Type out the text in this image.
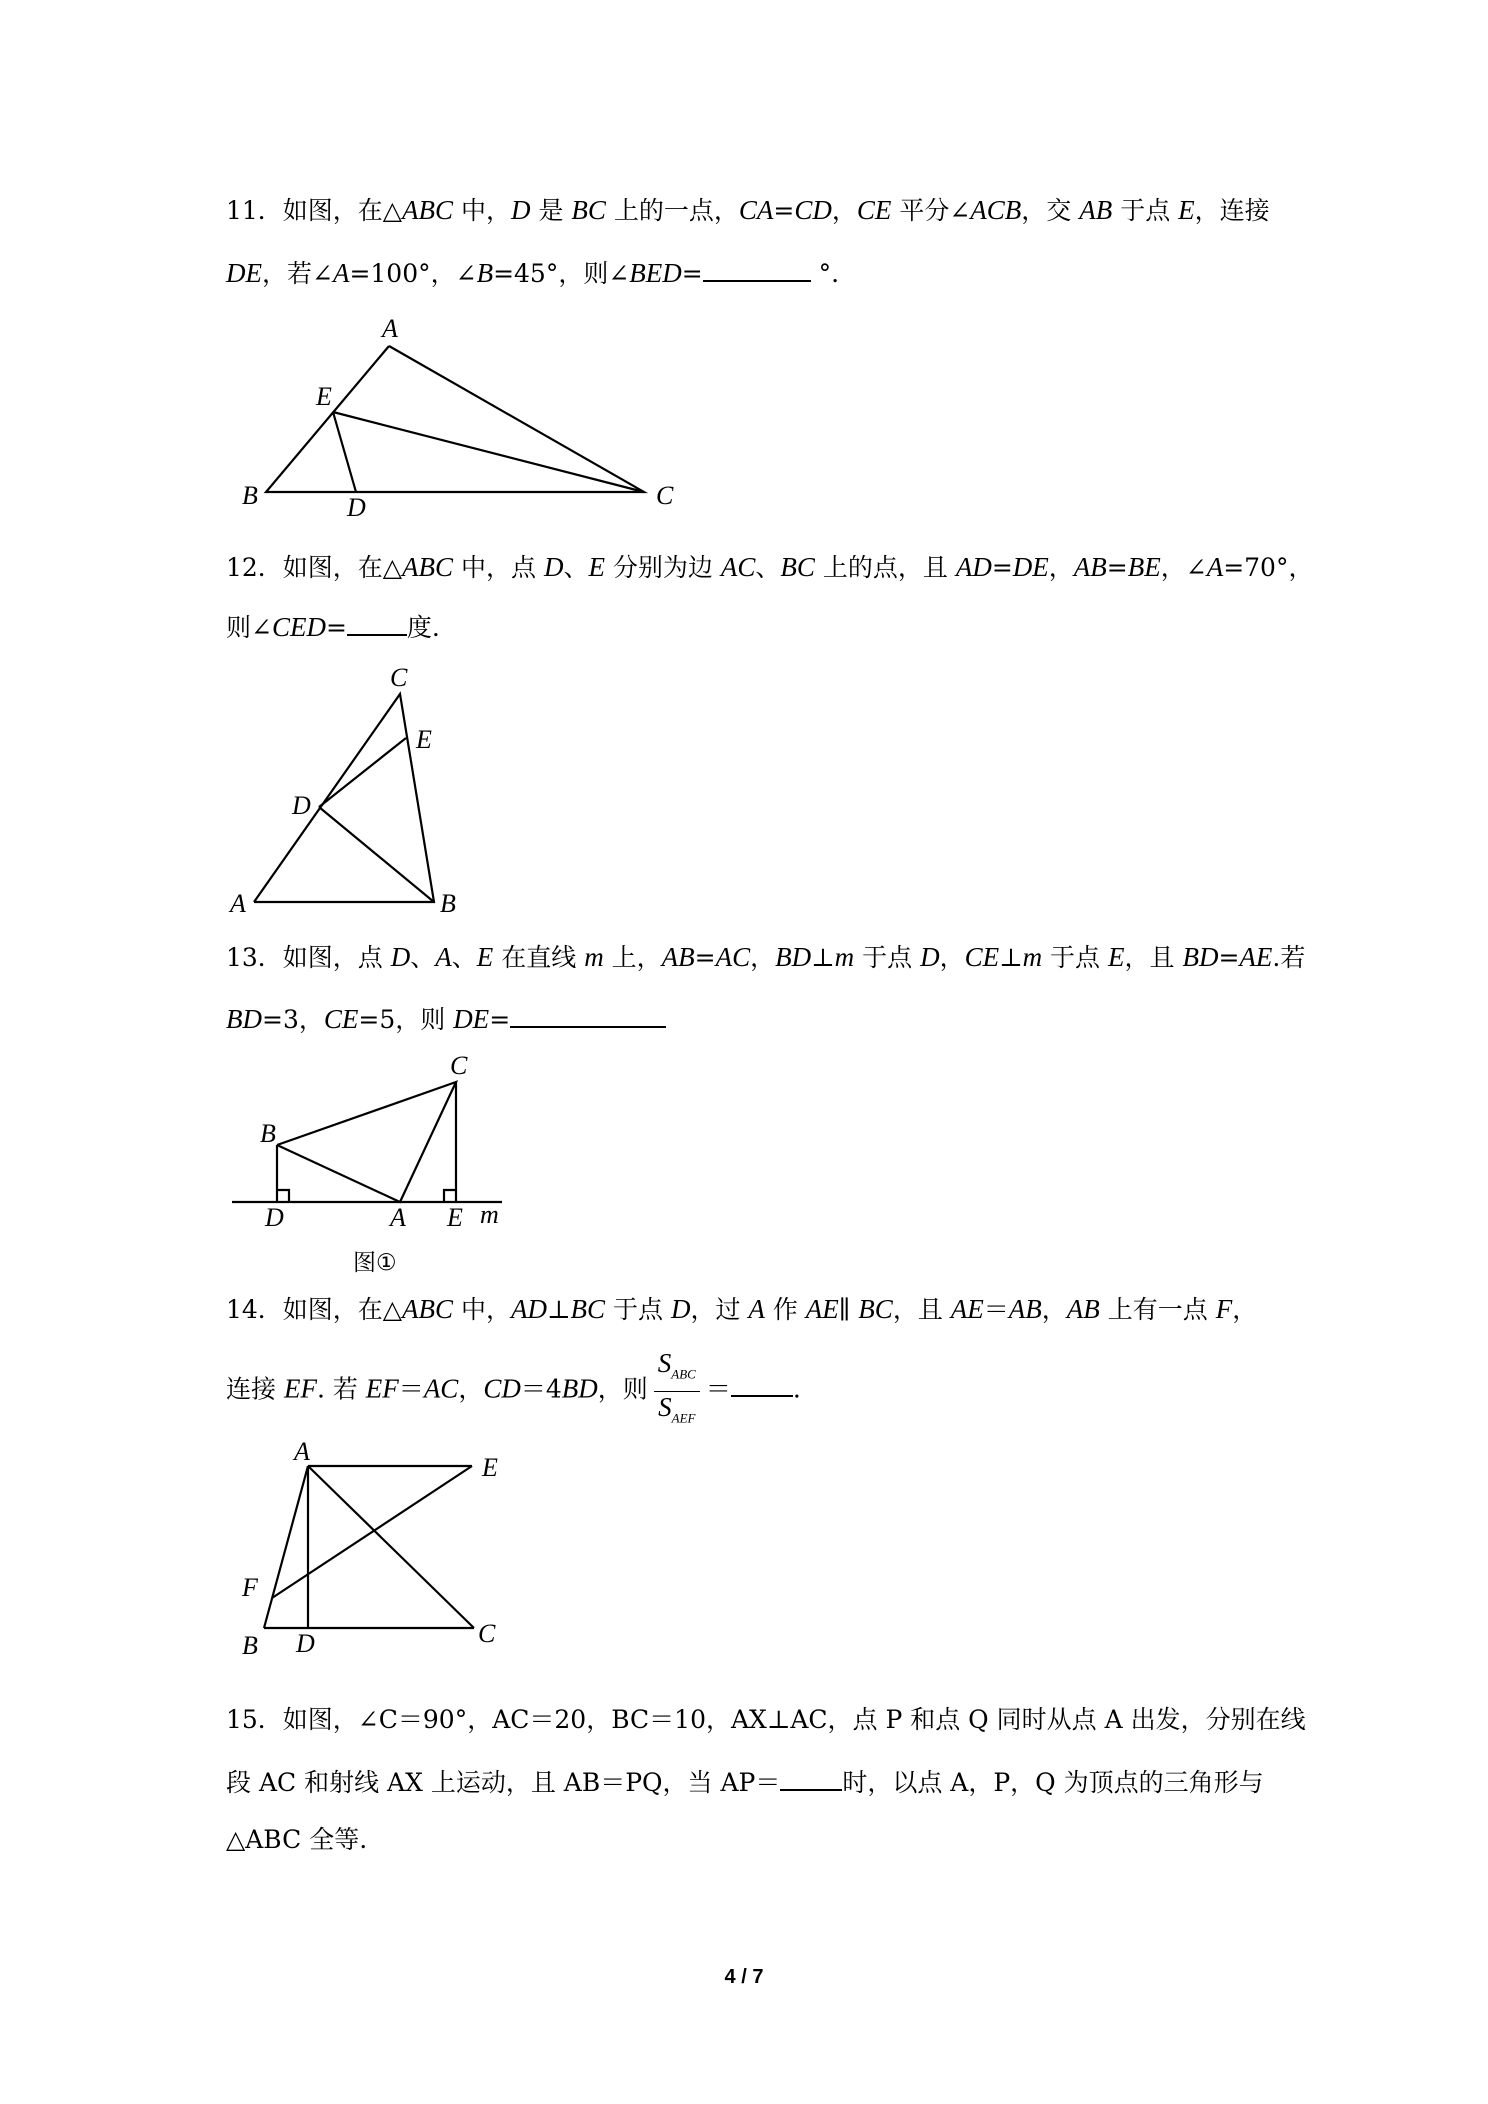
11．如图，在△ABC 中，D 是 BC 上的一点，CA=CD，CE 平分∠ACB，交 AB 于点 E，连接
DE，若∠A=100°，∠B=45°，则∠BED=	°.
A
E
B	D	C
12．如图，在△ABC 中，点 D、E 分别为边 AC、BC 上的点，且 AD=DE，AB=BE，∠A=70°，
则∠CED= 度.
C
E
D
A	B
13．如图，点 D、A、E 在直线 m 上，AB=AC，BD⊥m 于点 D，CE⊥m 于点 E，且 BD=AE.若
BD=3，CE=5，则 DE=
B
C
D	A E m
图①
14．如图，在△ABC 中，AD⊥BC 于点 D，过 A 作 AE∥ BC，且 AE＝AB，AB 上有一点 F，
连接 EF. 若 EF＝AC，CD＝4BD，则 $\frac{S_{ABC}}{S_{AEF}}$ ＝ .
A
E
F
B D	C
15．如图，∠C＝90°，AC＝20，BC＝10，AX⊥AC，点 P 和点 Q 同时从点 A 出发，分别在线
段 AC 和射线 AX 上运动，且 AB＝PQ，当 AP＝ 时，以点 A，P，Q 为顶点的三角形与
△ABC 全等.
4 / 7
